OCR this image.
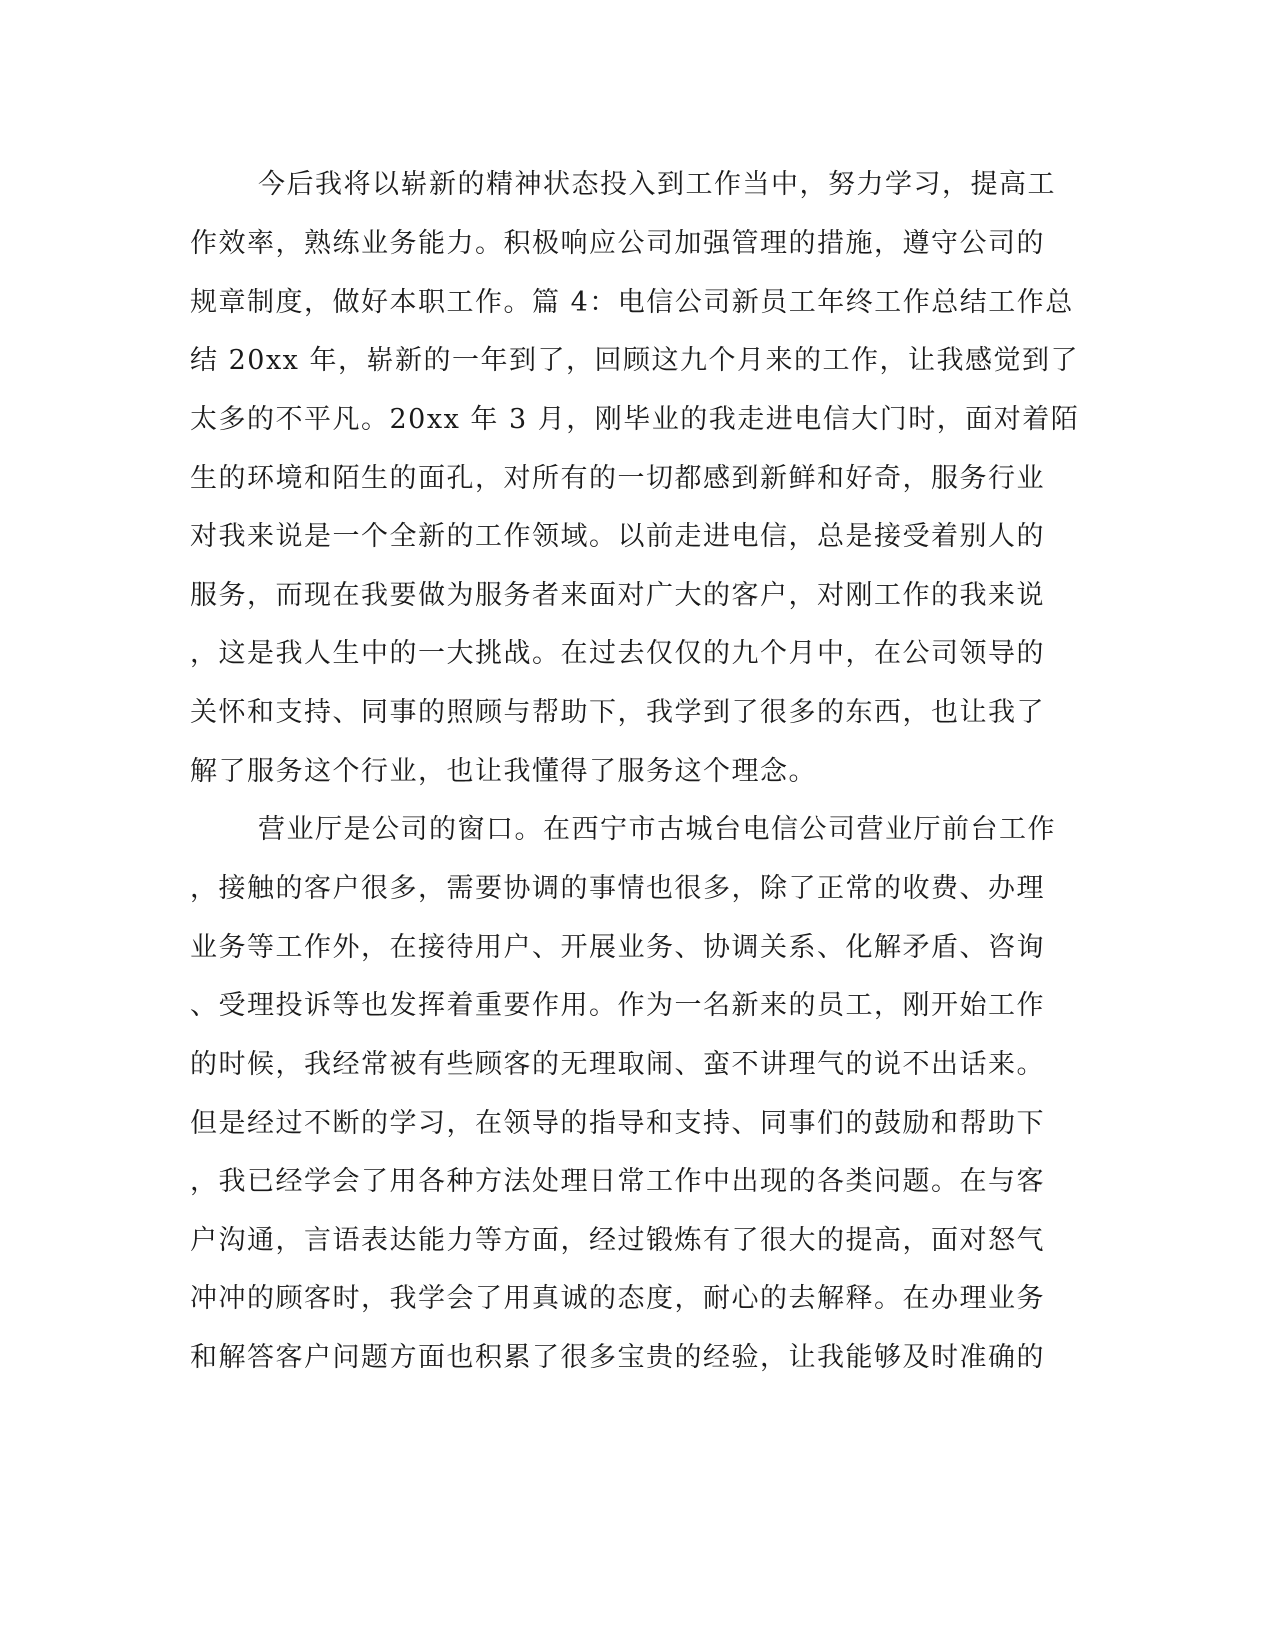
今后我将以崭新的精神状态投入到工作当中，努力学习，提高工

作效率，熟练业务能力。积极响应公司加强管理的措施，遵守公司的

规章制度，做好本职工作。篇 4：电信公司新员工年终工作总结工作总

结 20xx 年，崭新的一年到了，回顾这九个月来的工作，让我感觉到了

太多的不平凡。20xx 年 3 月，刚毕业的我走进电信大门时，面对着陌

生的环境和陌生的面孔，对所有的一切都感到新鲜和好奇，服务行业

对我来说是一个全新的工作领域。以前走进电信，总是接受着别人的

服务，而现在我要做为服务者来面对广大的客户，对刚工作的我来说

，这是我人生中的一大挑战。在过去仅仅的九个月中，在公司领导的

关怀和支持、同事的照顾与帮助下，我学到了很多的东西，也让我了

解了服务这个行业，也让我懂得了服务这个理念。

营业厅是公司的窗口。在西宁市古城台电信公司营业厅前台工作

，接触的客户很多，需要协调的事情也很多，除了正常的收费、办理

业务等工作外，在接待用户、开展业务、协调关系、化解矛盾、咨询

、受理投诉等也发挥着重要作用。作为一名新来的员工，刚开始工作

的时候，我经常被有些顾客的无理取闹、蛮不讲理气的说不出话来。

但是经过不断的学习，在领导的指导和支持、同事们的鼓励和帮助下

，我已经学会了用各种方法处理日常工作中出现的各类问题。在与客

户沟通，言语表达能力等方面，经过锻炼有了很大的提高，面对怒气

冲冲的顾客时，我学会了用真诚的态度，耐心的去解释。在办理业务

和解答客户问题方面也积累了很多宝贵的经验，让我能够及时准确的
